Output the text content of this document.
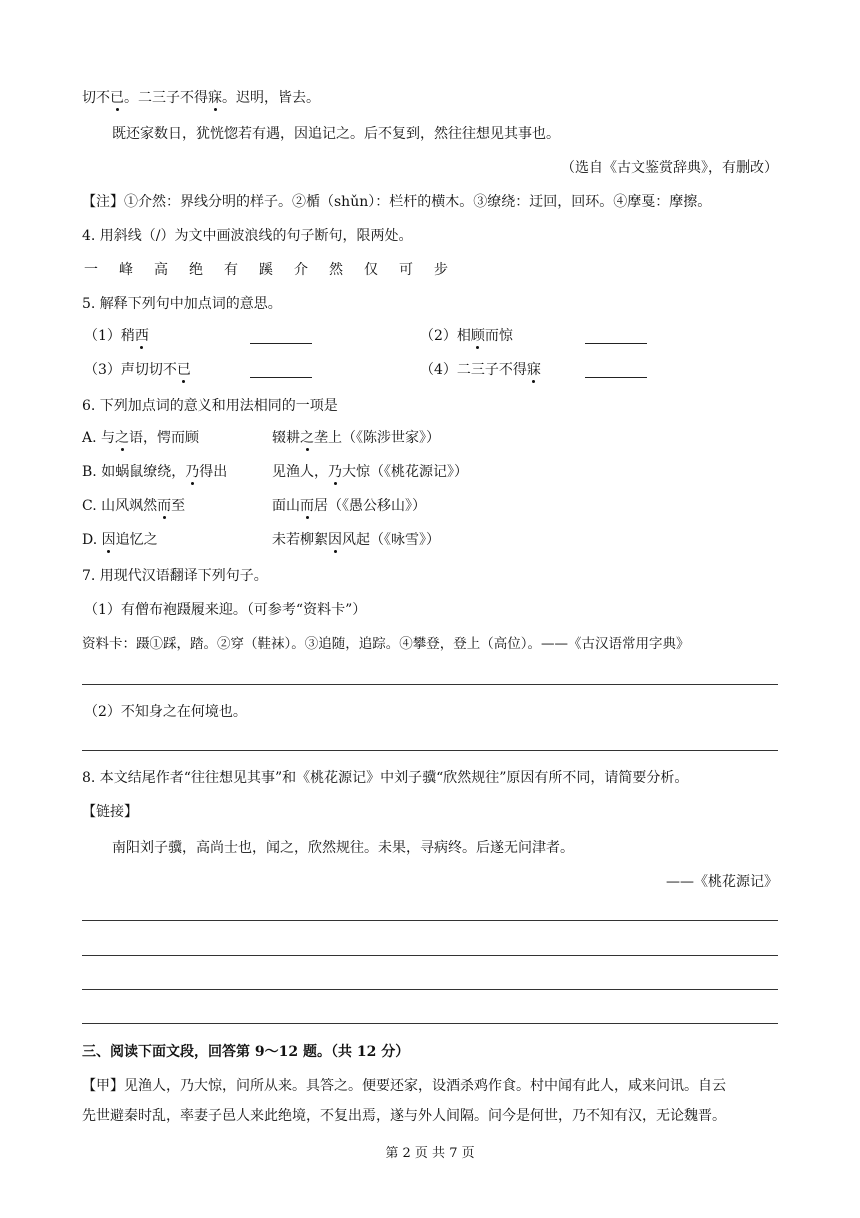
切不已。二三子不得寐。迟明，皆去。
既还家数日，犹恍惚若有遇，因追记之。后不复到，然往往想见其事也。
（选自《古文鉴赏辞典》，有删改）
【注】①介然：界线分明的样子。②楯（shǔn）：栏杆的横木。③缭绕：迂回，回环。④摩戛：摩擦。
4. 用斜线（/）为文中画波浪线的句子断句，限两处。
一峰高绝有蹊介然仅可步
5. 解释下列句中加点词的意思。
（1）稍西	（2）相顾而惊
（3）声切切不已	（4）二三子不得寐
6. 下列加点词的意义和用法相同的一项是
A. 与之语，愕而顾	辍耕之垄上（《陈涉世家》）
B. 如蜗鼠缭绕，乃得出	见渔人，乃大惊（《桃花源记》）
C. 山风飒然而至	面山而居（《愚公移山》）
D. 因追忆之	未若柳絮因风起（《咏雪》）
7. 用现代汉语翻译下列句子。
（1）有僧布袍蹑履来迎。（可参考“资料卡”）
资料卡：蹑①踩，踏。②穿（鞋袜）。③追随，追踪。④攀登，登上（高位）。——《古汉语常用字典》
（2）不知身之在何境也。
8. 本文结尾作者“往往想见其事”和《桃花源记》中刘子骥“欣然规往”原因有所不同，请简要分析。
【链接】
南阳刘子骥，高尚士也，闻之，欣然规往。未果，寻病终。后遂无问津者。
——《桃花源记》
三、阅读下面文段，回答第 9～12 题。（共 12 分）
【甲】见渔人，乃大惊，问所从来。具答之。便要还家，设酒杀鸡作食。村中闻有此人，咸来问讯。自云
先世避秦时乱，率妻子邑人来此绝境，不复出焉，遂与外人间隔。问今是何世，乃不知有汉，无论魏晋。
第 2 页 共 7 页
